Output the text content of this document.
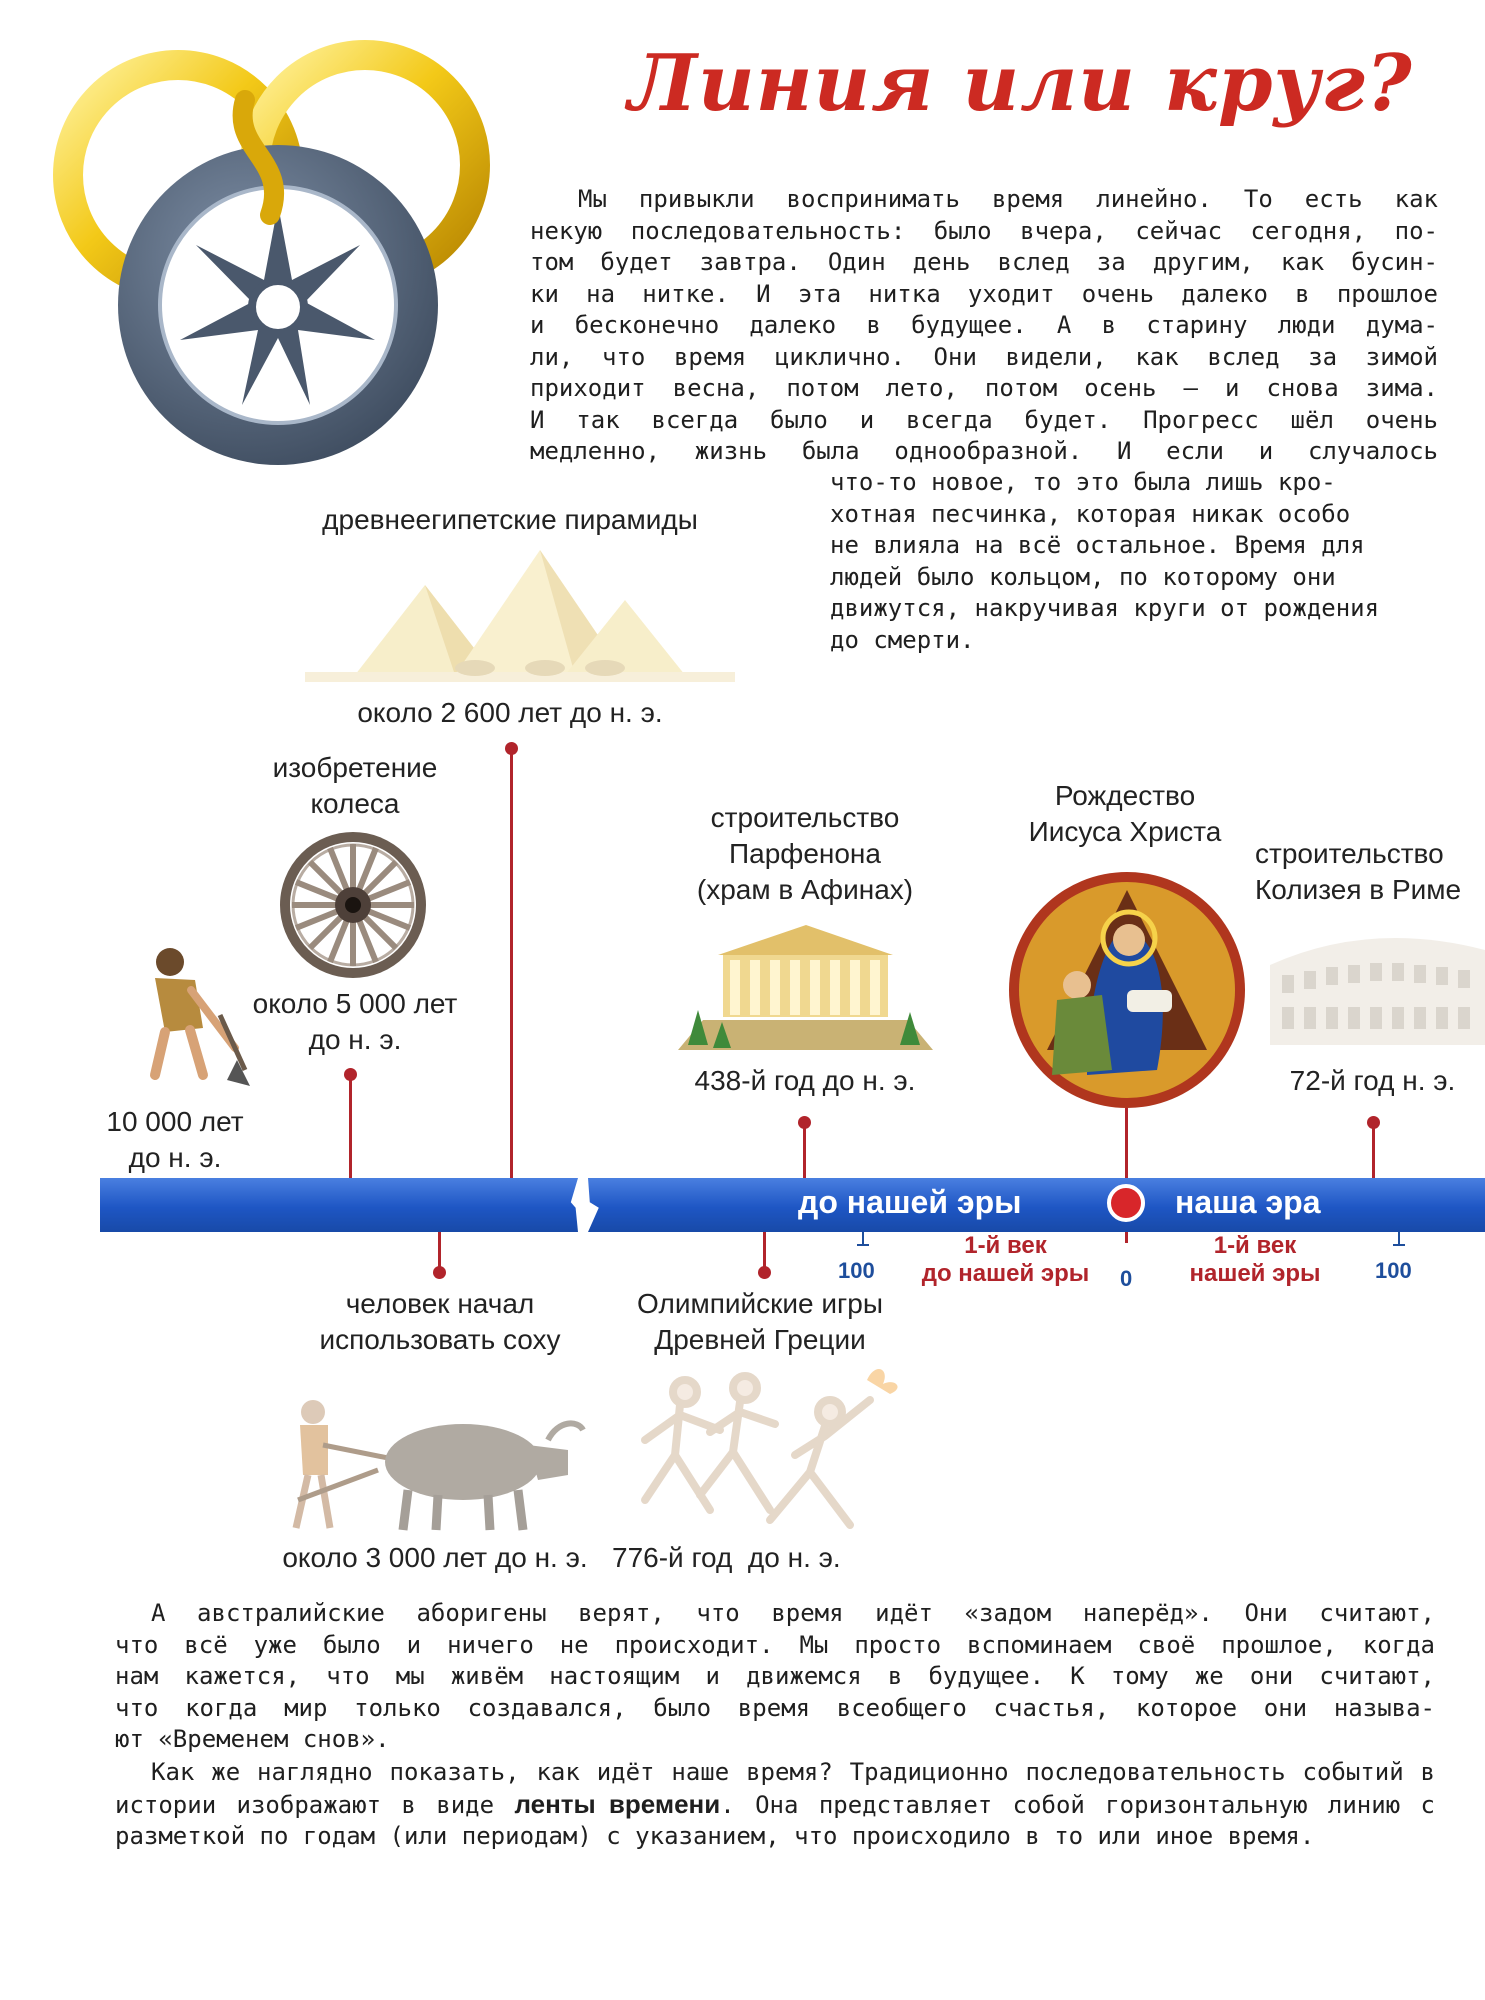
Линия или круг?
Мы привыкли воспринимать время линейно. То есть как
некую последовательность: было вчера, сейчас сегодня, по-
том будет завтра. Один день вслед за другим, как бусин-
ки на нитке. И эта нитка уходит очень далеко в прошлое
и бесконечно далеко в будущее. А в старину люди дума-
ли, что время циклично. Они видели, как вслед за зимой
приходит весна, потом лето, потом осень — и снова зима.
И так всегда было и всегда будет. Прогресс шёл очень
медленно, жизнь была однообразной. И если и случалось
что-то новое, то это была лишь кро-
хотная песчинка, которая никак особо
не влияла на всё остальное. Время для
людей было кольцом, по которому они
движутся, накручивая круги от рождения
до смерти.
древнеегипетские пирамиды
около 2 600 лет до н. э.
изобретение
колеса
около 5 000 лет
до н. э.
10 000 лет
до н. э.
строительство
Парфенона
(храм в Афинах)
438-й год до н. э.
Рождество
Иисуса Христа
строительство
Колизея в Риме
72-й год н. э.
до нашей эры	наша эра
100
1-й век
до нашей эры	0
1-й век
нашей эры	100
человек начал
использовать соху
около 3 000 лет до н. э.
Олимпийские игры
Древней Греции
776-й год  до н. э.
А австралийские аборигены верят, что время идёт «задом наперёд». Они считают,
что всё уже было и ничего не происходит. Мы просто вспоминаем своё прошлое, когда
нам кажется, что мы живём настоящим и движемся в будущее. К тому же они считают,
что когда мир только создавался, было время всеобщего счастья, которое они называ-
ют «Временем снов».
Как же наглядно показать, как идёт наше время? Традиционно последовательность событий в истории изображают в виде ленты времени. Она представляет собой горизонтальную линию с разметкой по годам (или периодам) с указанием, что происходило в то или иное время.
